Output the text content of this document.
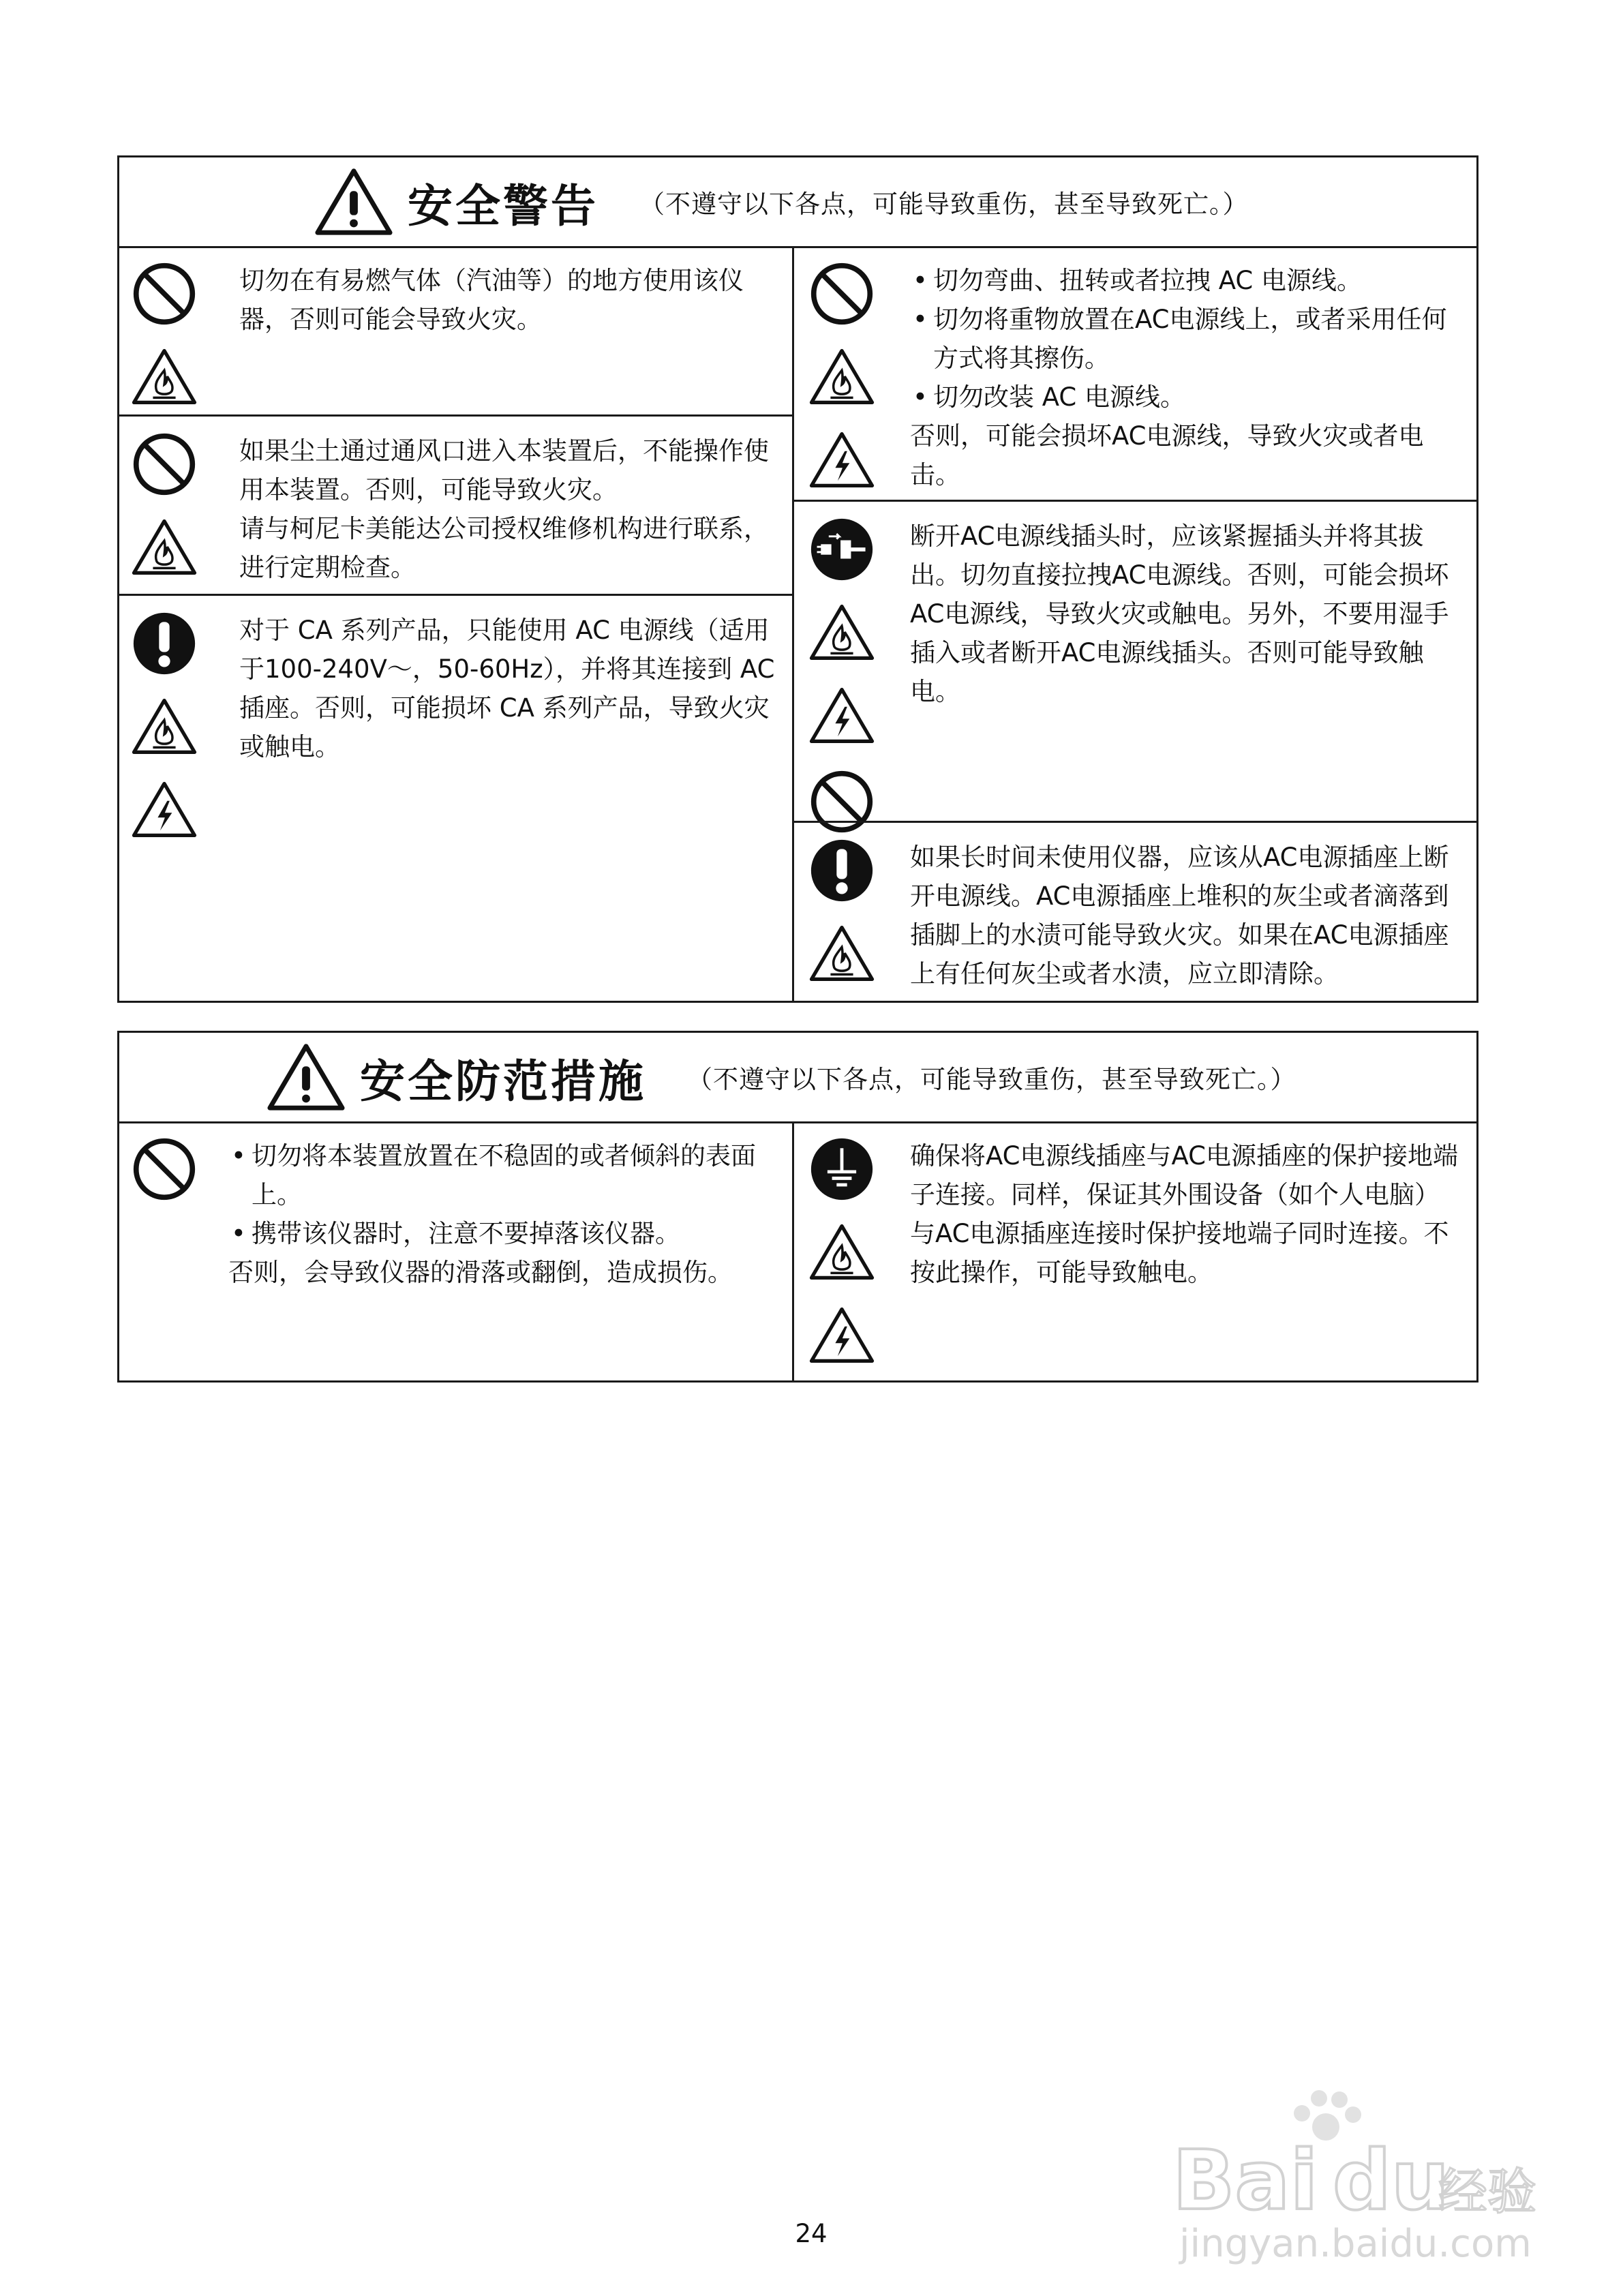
安全警告 （不遵守以下各点，可能导致重伤，甚至导致死亡。）
切勿在有易燃气体（汽油等）的地方使用该仪器，否则可能会导致火灾。
如果尘土通过通风口进入本装置后，不能操作使用本装置。否则，可能导致火灾。
请与柯尼卡美能达公司授权维修机构进行联系，进行定期检查。
对于 CA 系列产品，只能使用 AC 电源线（适用于100-240V～，50-60Hz），并将其连接到 AC 插座。否则，可能损坏 CA 系列产品，导致火灾或触电。
• 切勿弯曲、扭转或者拉拽 AC 电源线。
• 切勿将重物放置在AC电源线上，或者采用任何方式将其擦伤。
• 切勿改装 AC 电源线。
否则，可能会损坏AC电源线，导致火灾或者电击。
断开AC电源线插头时，应该紧握插头并将其拔出。切勿直接拉拽AC电源线。否则，可能会损坏AC电源线，导致火灾或触电。另外，不要用湿手插入或者断开AC电源线插头。否则可能导致触电。
如果长时间未使用仪器，应该从AC电源插座上断开电源线。AC电源插座上堆积的灰尘或者滴落到插脚上的水渍可能导致火灾。如果在AC电源插座上有任何灰尘或者水渍，应立即清除。
安全防范措施 （不遵守以下各点，可能导致重伤，甚至导致死亡。）
• 切勿将本装置放置在不稳固的或者倾斜的表面上。
• 携带该仪器时，注意不要掉落该仪器。
否则，会导致仪器的滑落或翻倒，造成损伤。
确保将AC电源线插座与AC电源插座的保护接地端子连接。同样，保证其外围设备（如个人电脑）与AC电源插座连接时保护接地端子同时连接。不按此操作，可能导致触电。
Bai du
经验
jingyan.baidu.com
24
